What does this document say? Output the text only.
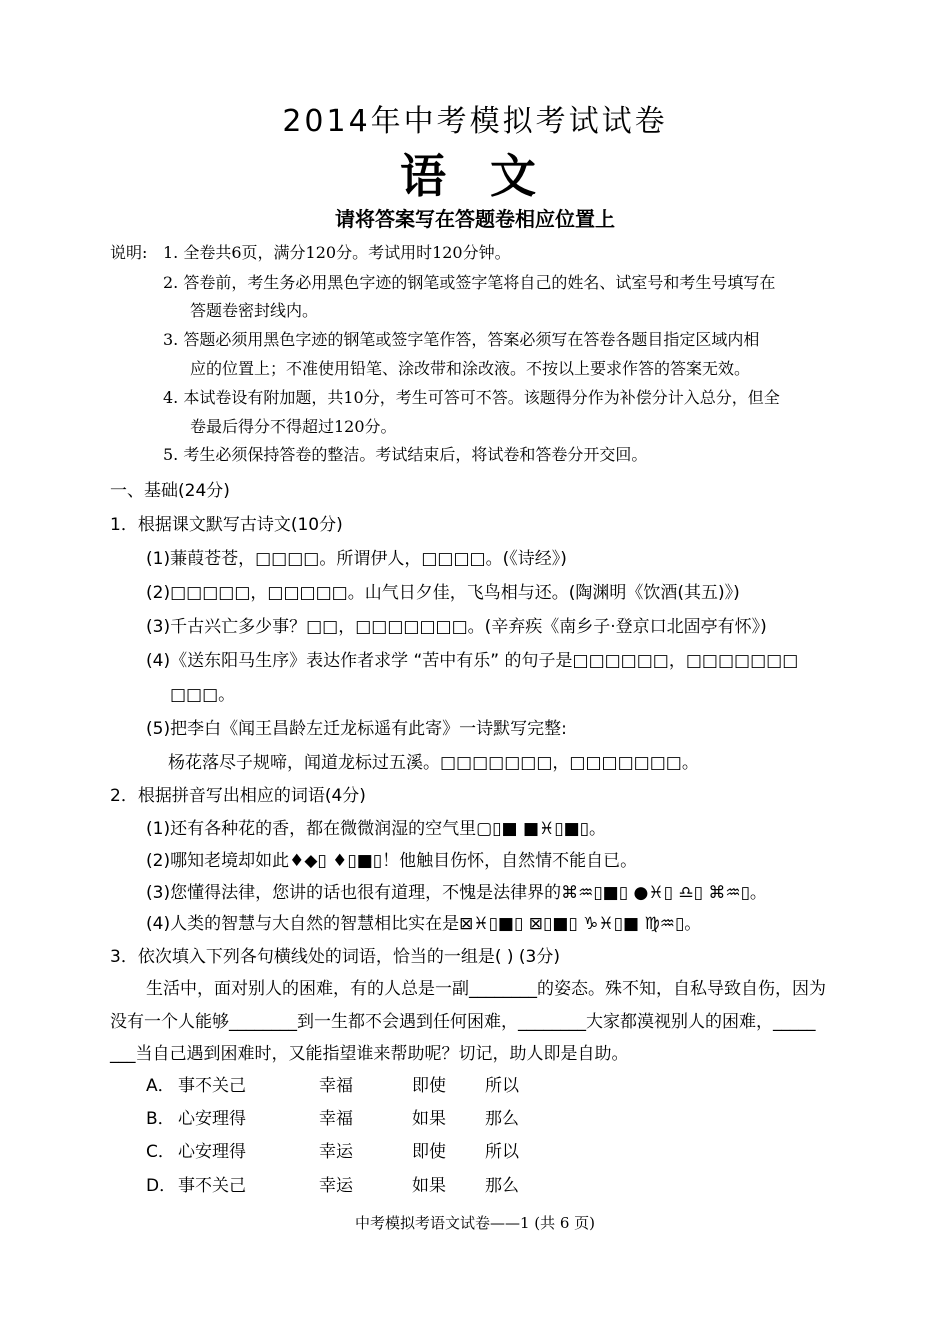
2014年中考模拟考试试卷
语 文
请将答案写在答题卷相应位置上
说明: 1. 全卷共6页，满分120分。考试用时120分钟。
2. 答卷前，考生务必用黑色字迹的钢笔或签字笔将自己的姓名、试室号和考生号填写在
答题卷密封线内。
3. 答题必须用黑色字迹的钢笔或签字笔作答，答案必须写在答卷各题目指定区域内相
应的位置上；不准使用铅笔、涂改带和涂改液。不按以上要求作答的答案无效。
4. 本试卷设有附加题，共10分，考生可答可不答。该题得分作为补偿分计入总分，但全
卷最后得分不得超过120分。
5. 考生必须保持答卷的整洁。考试结束后，将试卷和答卷分开交回。
一、基础(24分)
1．根据课文默写古诗文(10分)
(1)蒹葭苍苍，□□□□。所谓伊人，□□□□。(《诗经》)
(2)□□□□□，□□□□□。山气日夕佳，飞鸟相与还。(陶渊明《饮酒(其五)》)
(3)千古兴亡多少事？□□，□□□□□□□。(辛弃疾《南乡子·登京口北固亭有怀》)
(4)《送东阳马生序》表达作者求学 “苦中有乐” 的句子是□□□□□□，□□□□□□□
□□□。
(5)把李白《闻王昌龄左迁龙标遥有此寄》一诗默写完整:
杨花落尽子规啼，闻道龙标过五溪。□□□□□□□，□□□□□□□。
2．根据拼音写出相应的词语(4分)
(1)还有各种花的香，都在微微润湿的空气里▢▯■ ■♓▯■▯。
(2)哪知老境却如此♦◆▯ ♦▯■▯！他触目伤怀，自然情不能自已。
(3)您懂得法律，您讲的话也很有道理，不愧是法律界的⌘♒▯■▯ ●♓▯ ♎▯ ⌘♒▯。
(4)人类的智慧与大自然的智慧相比实在是⊠♓▯■▯ ⊠▯■▯ ♑♓▯■ ♍♒▯。
3．依次填入下列各句横线处的词语，恰当的一组是( ) (3分)
生活中，面对别人的困难，有的人总是一副________的姿态。殊不知，自私导致自伤，因为
没有一个人能够________到一生都不会遇到任何困难，________大家都漠视别人的困难，_____
___当自己遇到困难时，又能指望谁来帮助呢？切记，助人即是自助。
A． 事不关己	幸福	即使 所以
B． 心安理得	幸福	如果 那么
C． 心安理得	幸运	即使 所以
D． 事不关己	幸运	如果 那么
中考模拟考语文试卷——1 (共 6 页)
